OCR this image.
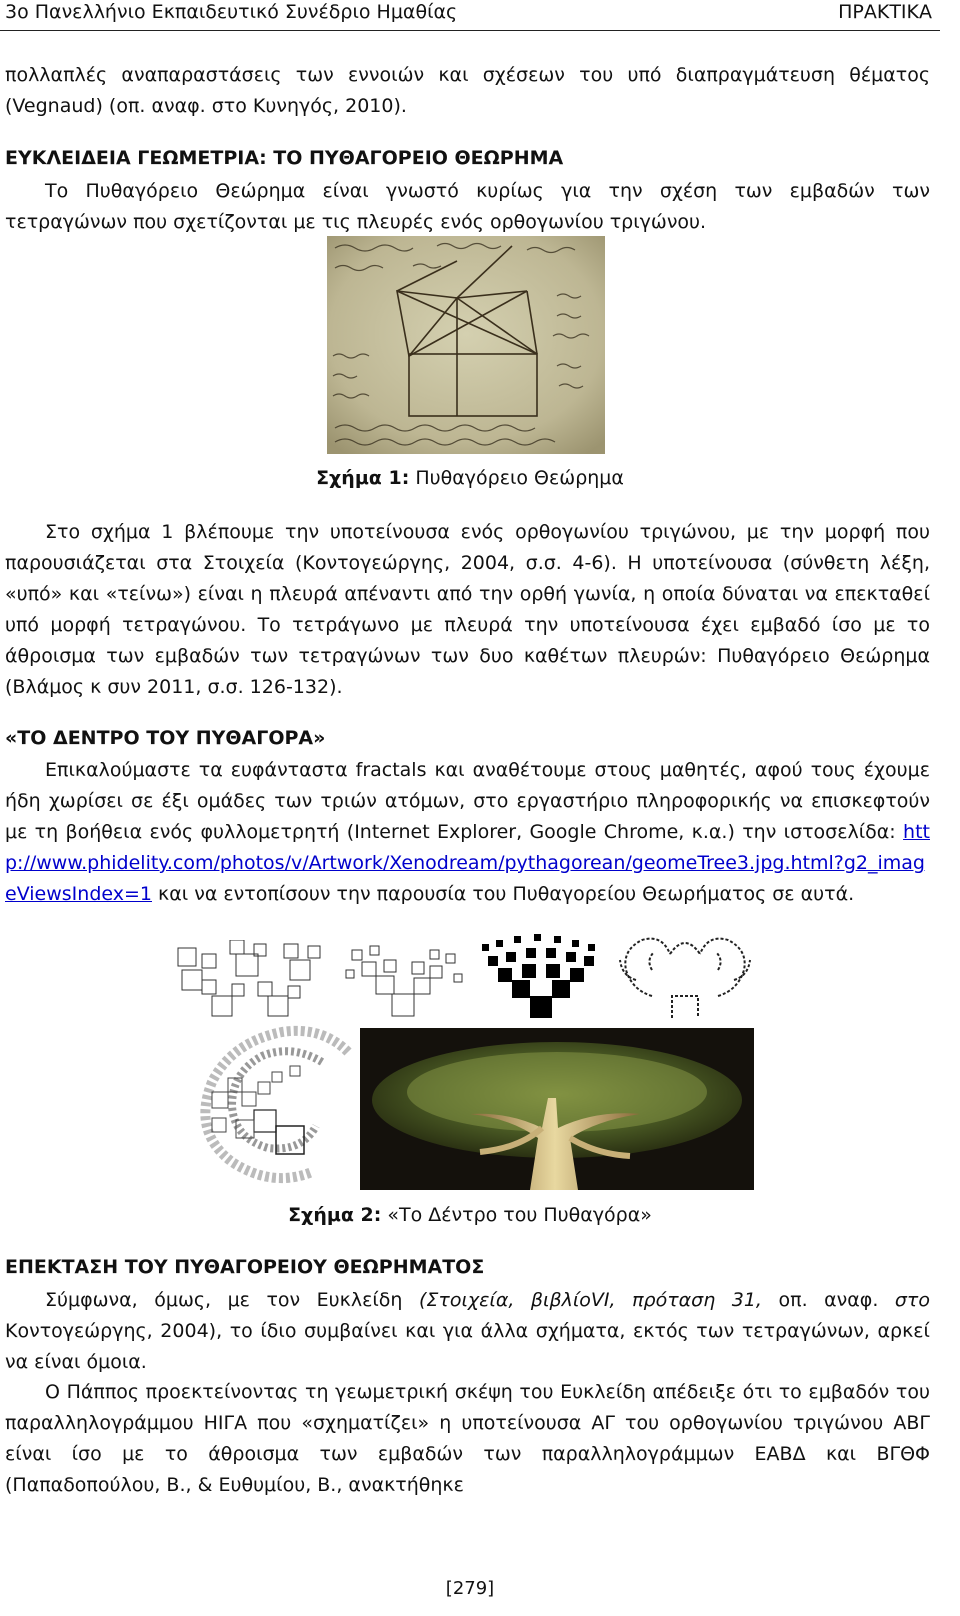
3ο Πανελλήνιο Εκπαιδευτικό Συνέδριο Ημαθίας	ΠΡΑΚΤΙΚΑ
πολλαπλές αναπαραστάσεις των εννοιών και σχέσεων του υπό διαπραγμάτευση θέματος (Vegnaud) (οπ. αναφ. στο Κυνηγός, 2010).
ΕΥΚΛΕΙΔΕΙΑ ΓΕΩΜΕΤΡΙΑ: ΤΟ ΠΥΘΑΓΟΡΕΙΟ ΘΕΩΡΗΜΑ
Το Πυθαγόρειο Θεώρημα είναι γνωστό κυρίως για την σχέση των εμβαδών των τετραγώνων που σχετίζονται με τις πλευρές ενός ορθογωνίου τριγώνου.
Σχήμα 1: Πυθαγόρειο Θεώρημα
Στο σχήμα 1 βλέπουμε την υποτείνουσα ενός ορθογωνίου τριγώνου, με την μορφή που παρουσιάζεται στα Στοιχεία (Κοντογεώργης, 2004, σ.σ. 4-6). Η υποτείνουσα (σύνθετη λέξη, «υπό» και «τείνω») είναι η πλευρά απέναντι από την ορθή γωνία, η οποία δύναται να επεκταθεί υπό μορφή τετραγώνου. Το τετράγωνο με πλευρά την υποτείνουσα έχει εμβαδό ίσο με το άθροισμα των εμβαδών των τετραγώνων των δυο καθέτων πλευρών: Πυθαγόρειο Θεώρημα (Βλάμος κ συν 2011, σ.σ. 126-132).
«ΤΟ ΔΕΝΤΡΟ ΤΟΥ ΠΥΘΑΓΟΡΑ»
Επικαλούμαστε τα ευφάνταστα fractals και αναθέτουμε στους μαθητές, αφού τους έχουμε ήδη χωρίσει σε έξι ομάδες των τριών ατόμων, στο εργαστήριο πληροφορικής να επισκεφτούν με τη βοήθεια ενός φυλλομετρητή (Internet Explorer, Google Chrome, κ.α.) την ιστοσελίδα: http://www.phidelity.com/photos/v/Artwork/Xenodream/pythagorean/geomeTree3.jpg.html?g2_imageViewsIndex=1 και να εντοπίσουν την παρουσία του Πυθαγορείου Θεωρήματος σε αυτά.
Σχήμα 2: «Το Δέντρο του Πυθαγόρα»
ΕΠΕΚΤΑΣΗ ΤΟΥ ΠΥΘΑΓΟΡΕΙΟΥ ΘΕΩΡΗΜΑΤΟΣ
Σύμφωνα, όμως, με τον Ευκλείδη (Στοιχεία, βιβλίοVI, πρόταση 31, οπ. αναφ. στο Κοντογεώργης, 2004), το ίδιο συμβαίνει και για άλλα σχήματα, εκτός των τετραγώνων, αρκεί να είναι όμοια.
Ο Πάππος προεκτείνοντας τη γεωμετρική σκέψη του Ευκλείδη απέδειξε ότι το εμβαδόν του παραλληλογράμμου ΗΙΓΑ που «σχηματίζει» η υποτείνουσα ΑΓ του ορθογωνίου τριγώνου ΑΒΓ είναι ίσο με το άθροισμα των εμβαδών των παραλληλογράμμων ΕΑΒΔ και ΒΓΘΦ (Παπαδοπούλου, Β., & Ευθυμίου, Β., ανακτήθηκε
[279]
